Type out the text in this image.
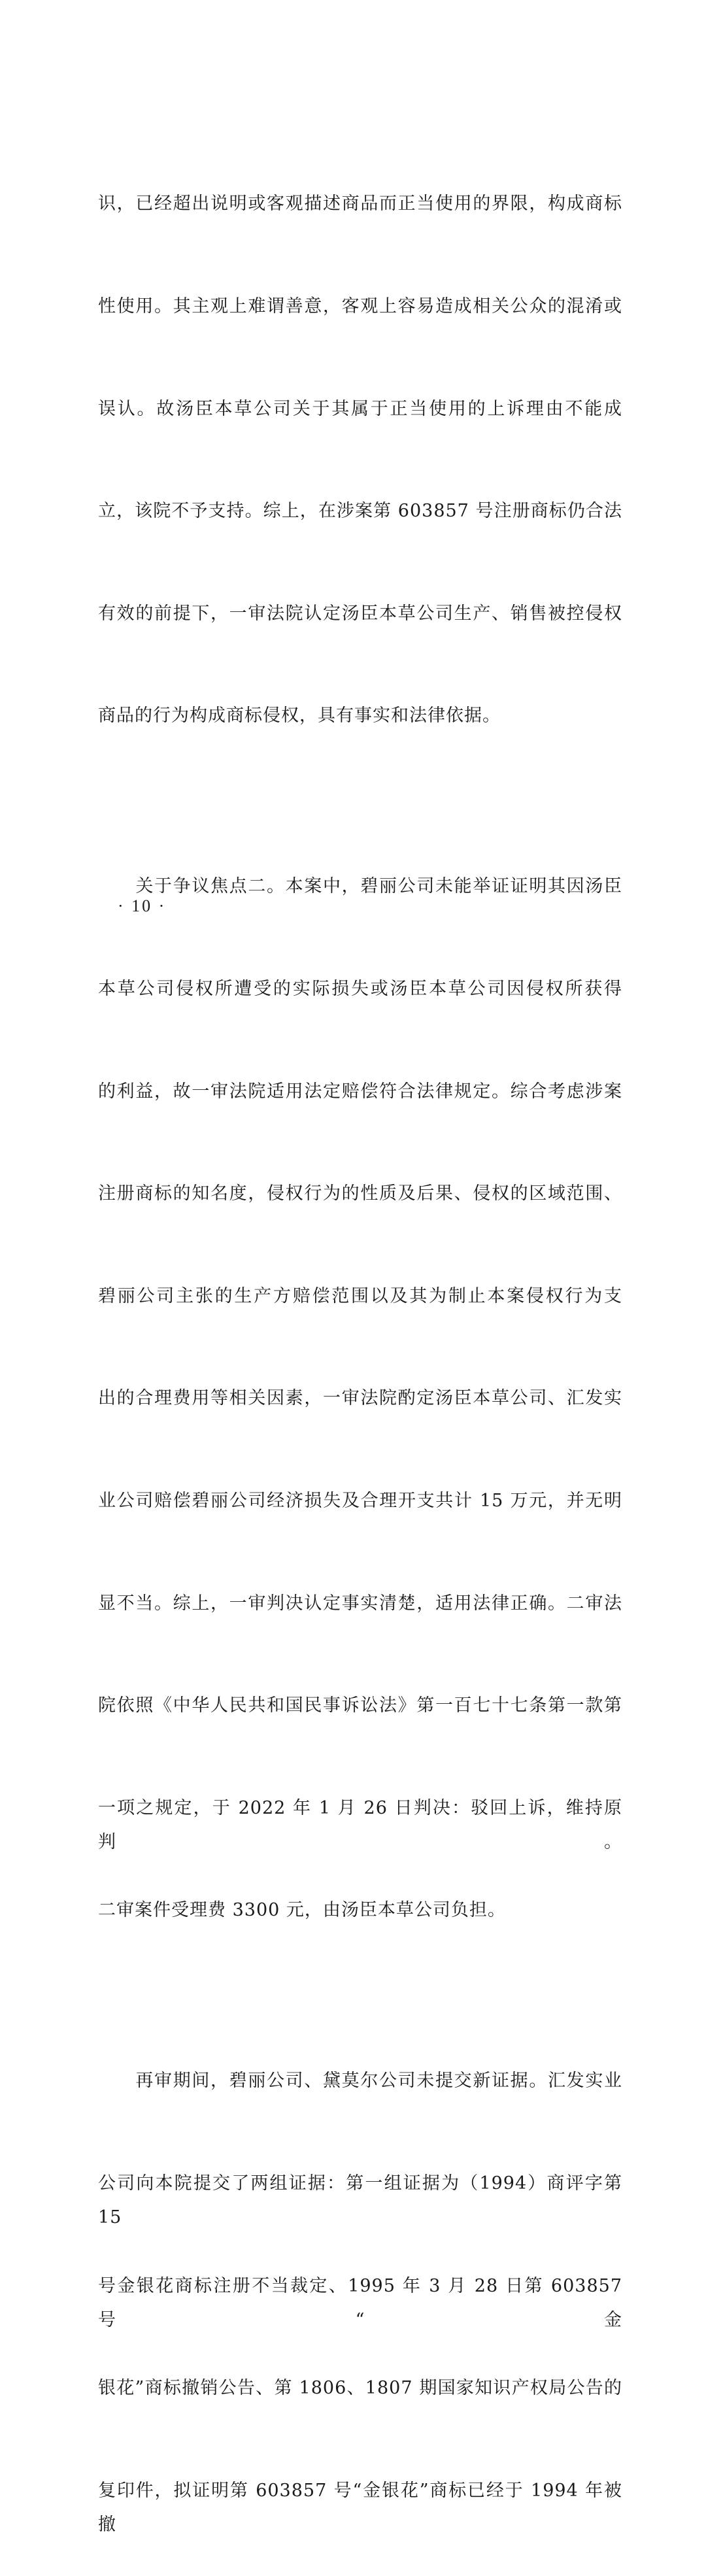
识，已经超出说明或客观描述商品而正当使用的界限，构成商标

性使用。其主观上难谓善意，客观上容易造成相关公众的混淆或

误认。故汤臣本草公司关于其属于正当使用的上诉理由不能成

立，该院不予支持。综上，在涉案第 603857 号注册商标仍合法

有效的前提下，一审法院认定汤臣本草公司生产、销售被控侵权

商品的行为构成商标侵权，具有事实和法律依据。

　　关于争议焦点二。本案中，碧丽公司未能举证证明其因汤臣

本草公司侵权所遭受的实际损失或汤臣本草公司因侵权所获得

的利益，故一审法院适用法定赔偿符合法律规定。综合考虑涉案

注册商标的知名度，侵权行为的性质及后果、侵权的区域范围、

碧丽公司主张的生产方赔偿范围以及其为制止本案侵权行为支

出的合理费用等相关因素，一审法院酌定汤臣本草公司、汇发实

业公司赔偿碧丽公司经济损失及合理开支共计 15 万元，并无明

显不当。综上，一审判决认定事实清楚，适用法律正确。二审法

院依照《中华人民共和国民事诉讼法》第一百七十七条第一款第

一项之规定，于 2022 年 1 月 26 日判决：驳回上诉，维持原判。

二审案件受理费 3300 元，由汤臣本草公司负担。

　　再审期间，碧丽公司、黛莫尔公司未提交新证据。汇发实业

公司向本院提交了两组证据：第一组证据为（1994）商评字第 15

号金银花商标注册不当裁定、1995 年 3 月 28 日第 603857 号“金

银花”商标撤销公告、第 1806、1807 期国家知识产权局公告的

复印件，拟证明第 603857 号“金银花”商标已经于 1994 年被撤

· 10 ·
